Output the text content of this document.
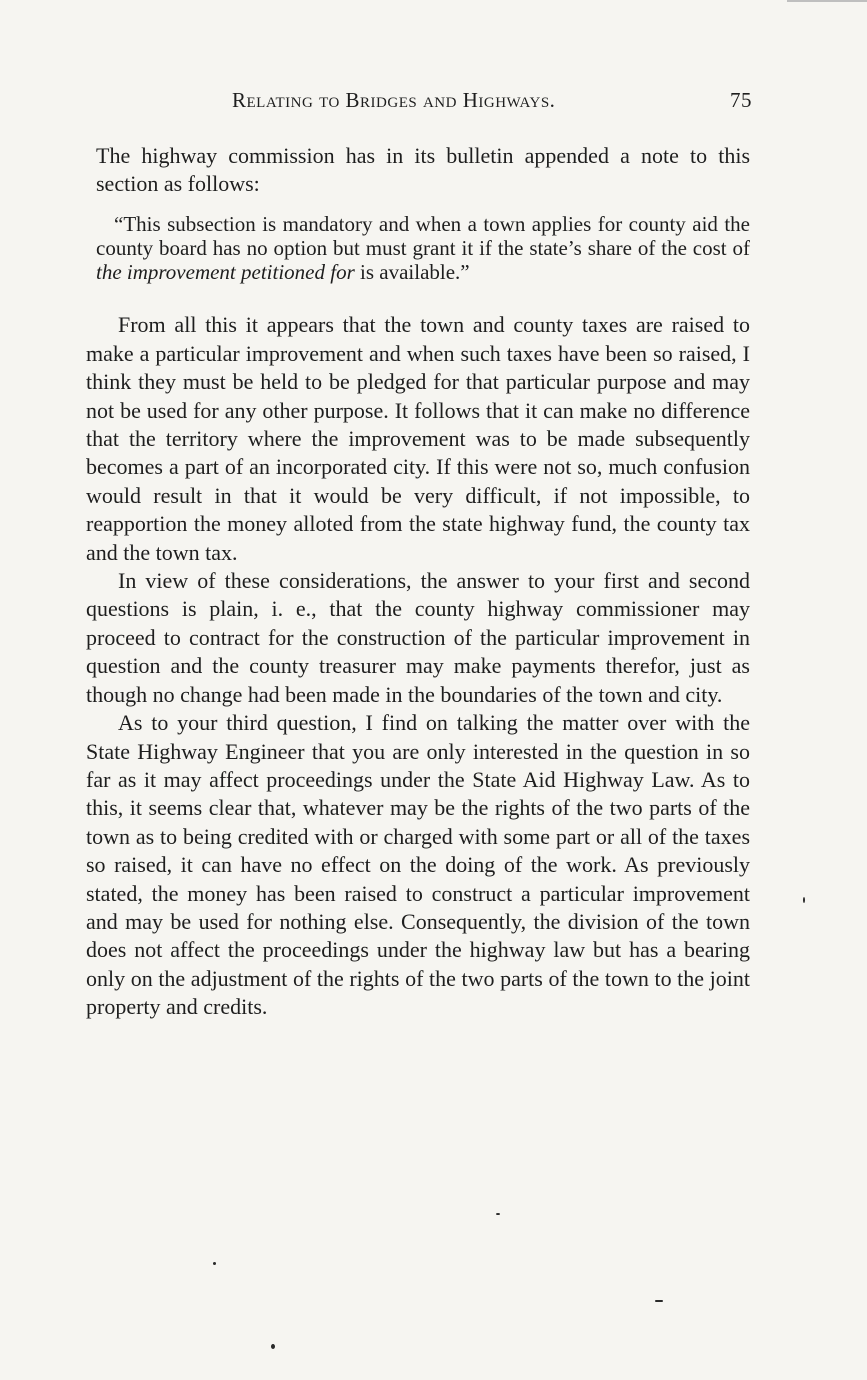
Relating to Bridges and Highways.	75

The highway commission has in its bulletin appended a note to this section as follows:

“This subsection is mandatory and when a town applies for county aid the county board has no option but must grant it if the state’s share of the cost of the improvement petitioned for is available.”

From all this it appears that the town and county taxes are raised to make a particular improvement and when such taxes have been so raised, I think they must be held to be pledged for that particular purpose and may not be used for any other purpose. It follows that it can make no difference that the territory where the improvement was to be made subsequently becomes a part of an incorporated city. If this were not so, much confusion would result in that it would be very difficult, if not impossible, to reapportion the money alloted from the state highway fund, the county tax and the town tax.

In view of these considerations, the answer to your first and second questions is plain, i. e., that the county highway commissioner may proceed to contract for the construction of the particular improvement in question and the county treasurer may make payments therefor, just as though no change had been made in the boundaries of the town and city.

As to your third question, I find on talking the matter over with the State Highway Engineer that you are only interested in the question in so far as it may affect proceedings under the State Aid Highway Law. As to this, it seems clear that, whatever may be the rights of the two parts of the town as to being credited with or charged with some part or all of the taxes so raised, it can have no effect on the doing of the work. As previously stated, the money has been raised to construct a particular improvement and may be used for nothing else. Consequently, the division of the town does not affect the proceedings under the highway law but has a bearing only on the adjustment of the rights of the two parts of the town to the joint property and credits.
